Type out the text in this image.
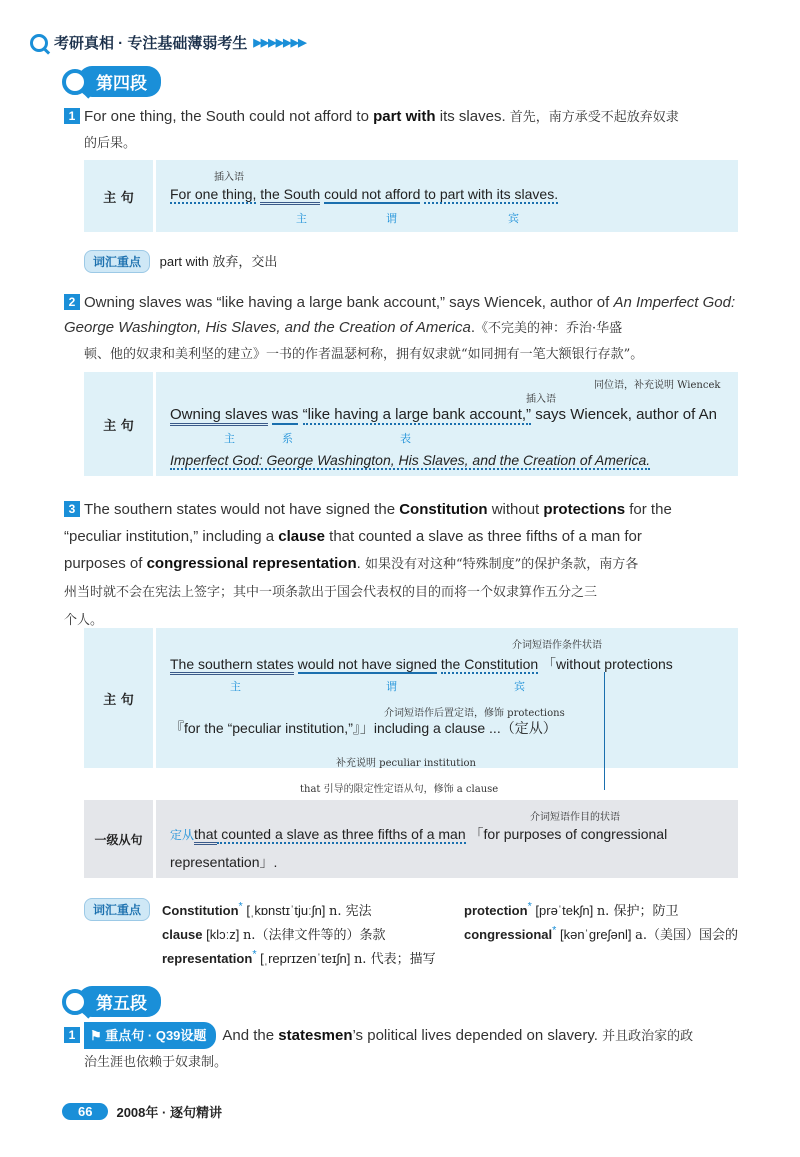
考研真相 · 专注基础薄弱考生 ▶▶▶▶▶▶▶
第四段
1 For one thing, the South could not afford to part with its slaves. 首先，南方承受不起放弃奴隶
的后果。
主 句
插入语
For one thing, the South could not afford to part with its slaves.
主	谓	宾
词汇重点 part with 放弃，交出
2 Owning slaves was “like having a large bank account,” says Wiencek, author of An Imperfect God: George Washington, His Slaves, and the Creation of America.《不完美的神：乔治·华盛
顿、他的奴隶和美利坚的建立》一书的作者温瑟柯称，拥有奴隶就“如同拥有一笔大额银行存款”。
主 句
同位语，补充说明 Wiencek
插入语
Owning slaves was “like having a large bank account,” says Wiencek, author of An
主	系	表
Imperfect God: George Washington, His Slaves, and the Creation of America.
3 The southern states would not have signed the Constitution without protections for the
“peculiar institution,” including a clause that counted a slave as three fifths of a man for
purposes of congressional representation. 如果没有对这种“特殊制度”的保护条款，南方各
州当时就不会在宪法上签字；其中一项条款出于国会代表权的目的而将一个奴隶算作五分之三
个人。
主 句
介词短语作条件状语
The southern states would not have signed the Constitution 「without protections
主	谓	宾
介词短语作后置定语，修饰 protections
『for the “peculiar institution,”』」including a clause ...（定从）
补充说明 peculiar institution
that 引导的限定性定语从句，修饰 a clause
一级从句
介词短语作目的状语
定从that counted a slave as three fifths of a man 「for purposes of congressional
representation」.
词汇重点	Constitution* [ˌkɒnstɪˈtjuːʃn] n. 宪法	protection* [prəˈtekʃn] n. 保护；防卫
clause [klɔːz] n.（法律文件等的）条款	congressional* [kənˈɡreʃənl] a.（美国）国会的
representation* [ˌreprɪzenˈteɪʃn] n. 代表；描写
第五段
1 ⚑ 重点句 · Q39设题 And the statesmen’s political lives depended on slavery. 并且政治家的政
治生涯也依赖于奴隶制。
66	2008年 · 逐句精讲
